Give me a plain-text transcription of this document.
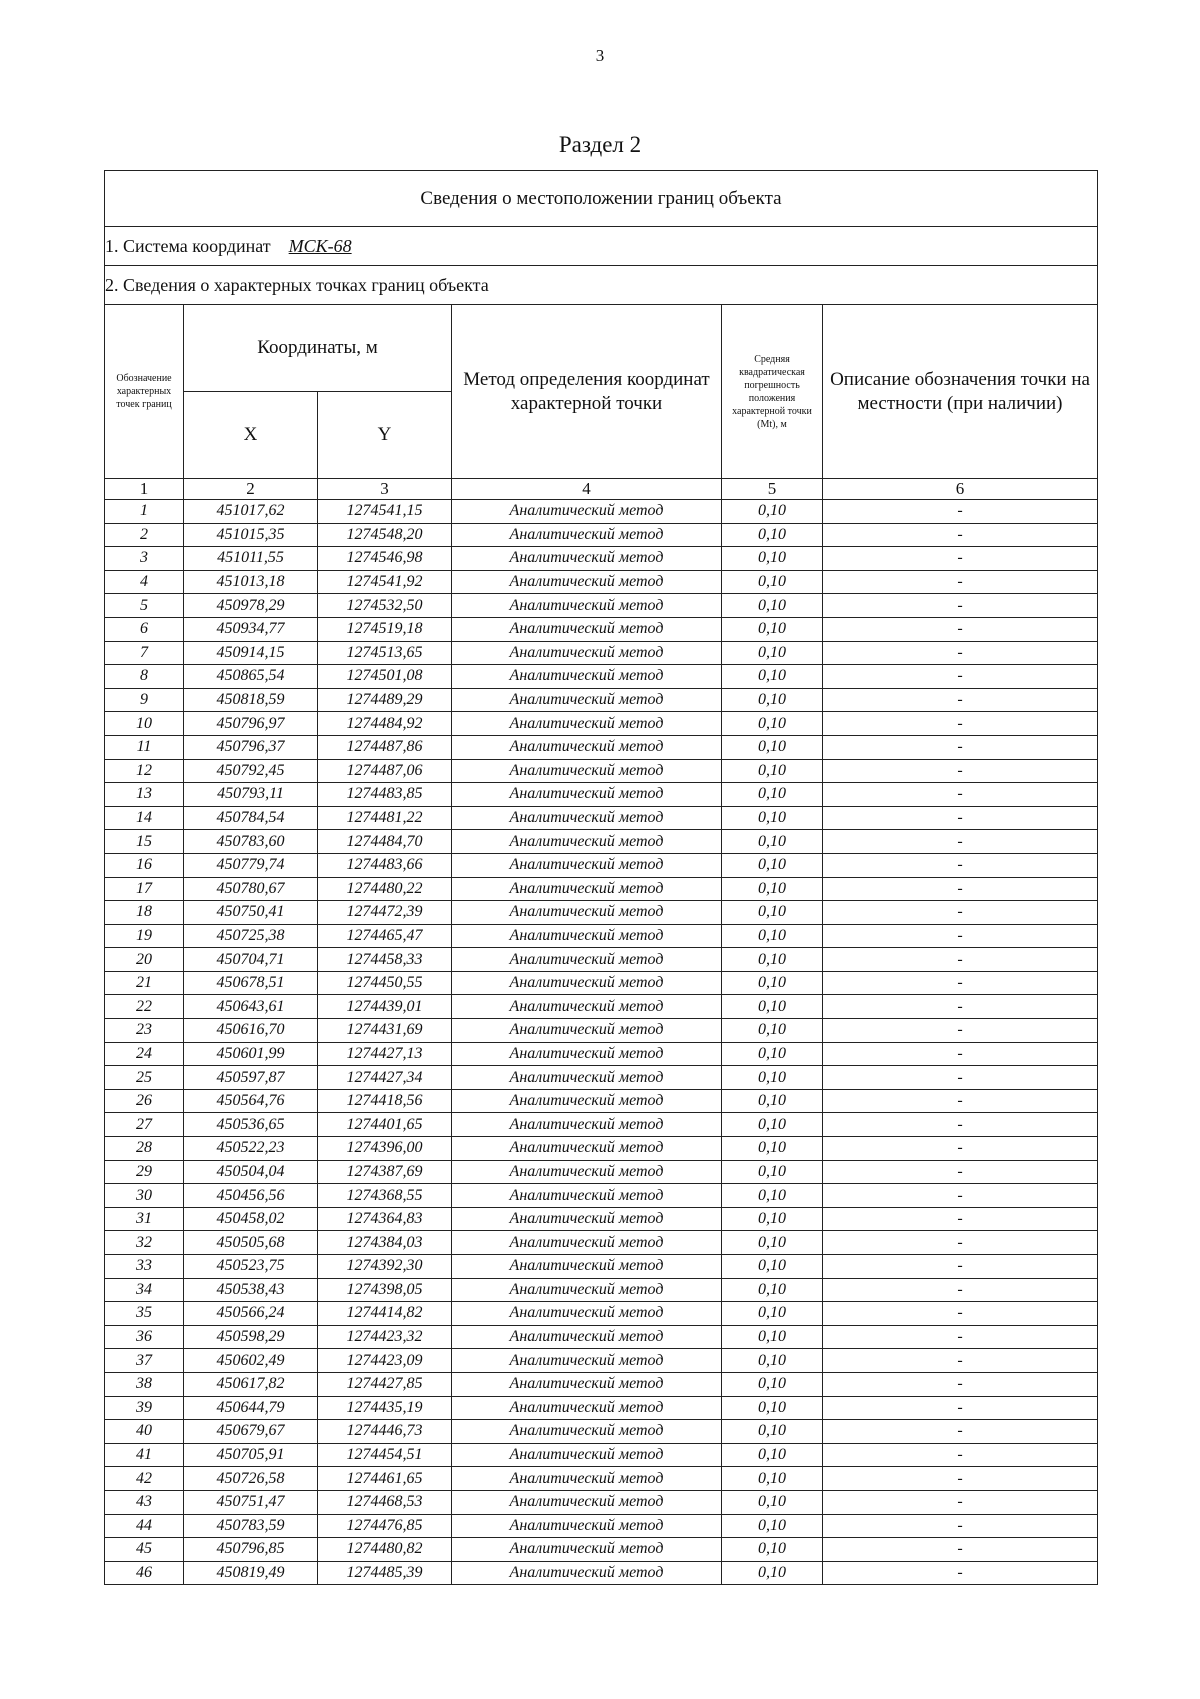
3
Раздел 2
Сведения о местоположении границ объекта					
1. Система координат МСК-68					
2. Сведения о характерных точках границ объекта					
Обозначение характерных точек границ	Координаты, м		Метод определения координат характерной точки	Средняя квадратическая погрешность положения характерной точки (Mt), м	Описание обозначения точки на местности (при наличии)
	X	Y			
1	2	3	4	5	6
1	451017,62	1274541,15	Аналитический метод	0,10	-
2	451015,35	1274548,20	Аналитический метод	0,10	-
3	451011,55	1274546,98	Аналитический метод	0,10	-
4	451013,18	1274541,92	Аналитический метод	0,10	-
5	450978,29	1274532,50	Аналитический метод	0,10	-
6	450934,77	1274519,18	Аналитический метод	0,10	-
7	450914,15	1274513,65	Аналитический метод	0,10	-
8	450865,54	1274501,08	Аналитический метод	0,10	-
9	450818,59	1274489,29	Аналитический метод	0,10	-
10	450796,97	1274484,92	Аналитический метод	0,10	-
11	450796,37	1274487,86	Аналитический метод	0,10	-
12	450792,45	1274487,06	Аналитический метод	0,10	-
13	450793,11	1274483,85	Аналитический метод	0,10	-
14	450784,54	1274481,22	Аналитический метод	0,10	-
15	450783,60	1274484,70	Аналитический метод	0,10	-
16	450779,74	1274483,66	Аналитический метод	0,10	-
17	450780,67	1274480,22	Аналитический метод	0,10	-
18	450750,41	1274472,39	Аналитический метод	0,10	-
19	450725,38	1274465,47	Аналитический метод	0,10	-
20	450704,71	1274458,33	Аналитический метод	0,10	-
21	450678,51	1274450,55	Аналитический метод	0,10	-
22	450643,61	1274439,01	Аналитический метод	0,10	-
23	450616,70	1274431,69	Аналитический метод	0,10	-
24	450601,99	1274427,13	Аналитический метод	0,10	-
25	450597,87	1274427,34	Аналитический метод	0,10	-
26	450564,76	1274418,56	Аналитический метод	0,10	-
27	450536,65	1274401,65	Аналитический метод	0,10	-
28	450522,23	1274396,00	Аналитический метод	0,10	-
29	450504,04	1274387,69	Аналитический метод	0,10	-
30	450456,56	1274368,55	Аналитический метод	0,10	-
31	450458,02	1274364,83	Аналитический метод	0,10	-
32	450505,68	1274384,03	Аналитический метод	0,10	-
33	450523,75	1274392,30	Аналитический метод	0,10	-
34	450538,43	1274398,05	Аналитический метод	0,10	-
35	450566,24	1274414,82	Аналитический метод	0,10	-
36	450598,29	1274423,32	Аналитический метод	0,10	-
37	450602,49	1274423,09	Аналитический метод	0,10	-
38	450617,82	1274427,85	Аналитический метод	0,10	-
39	450644,79	1274435,19	Аналитический метод	0,10	-
40	450679,67	1274446,73	Аналитический метод	0,10	-
41	450705,91	1274454,51	Аналитический метод	0,10	-
42	450726,58	1274461,65	Аналитический метод	0,10	-
43	450751,47	1274468,53	Аналитический метод	0,10	-
44	450783,59	1274476,85	Аналитический метод	0,10	-
45	450796,85	1274480,82	Аналитический метод	0,10	-
46	450819,49	1274485,39	Аналитический метод	0,10	-
